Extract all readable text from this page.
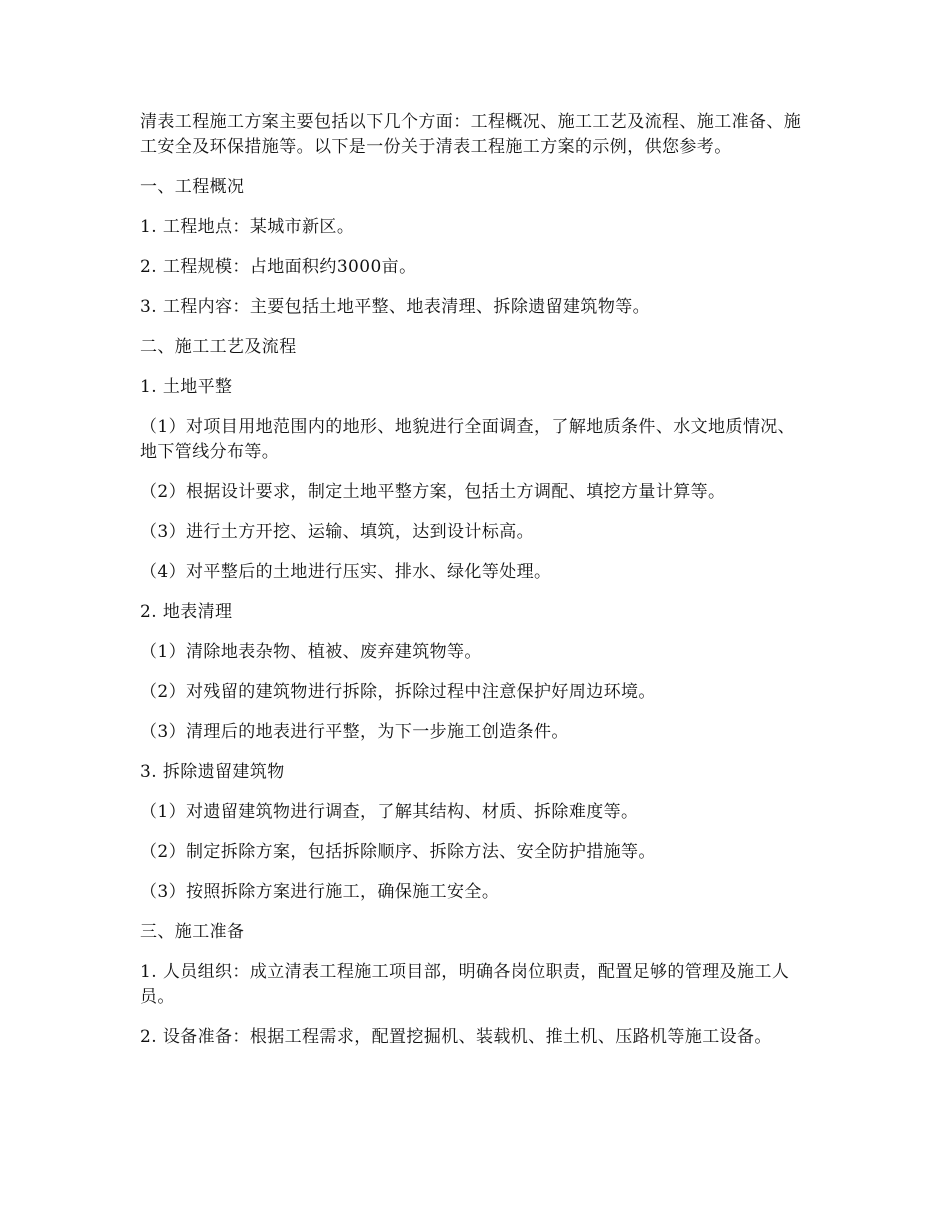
清表工程施工方案主要包括以下几个方面：工程概况、施工工艺及流程、施工准备、施工安全及环保措施等。以下是一份关于清表工程施工方案的示例，供您参考。

一、工程概况

1. 工程地点：某城市新区。

2. 工程规模：占地面积约3000亩。

3. 工程内容：主要包括土地平整、地表清理、拆除遗留建筑物等。

二、施工工艺及流程

1. 土地平整

（1）对项目用地范围内的地形、地貌进行全面调查，了解地质条件、水文地质情况、地下管线分布等。

（2）根据设计要求，制定土地平整方案，包括土方调配、填挖方量计算等。

（3）进行土方开挖、运输、填筑，达到设计标高。

（4）对平整后的土地进行压实、排水、绿化等处理。

2. 地表清理

（1）清除地表杂物、植被、废弃建筑物等。

（2）对残留的建筑物进行拆除，拆除过程中注意保护好周边环境。

（3）清理后的地表进行平整，为下一步施工创造条件。

3. 拆除遗留建筑物

（1）对遗留建筑物进行调查，了解其结构、材质、拆除难度等。

（2）制定拆除方案，包括拆除顺序、拆除方法、安全防护措施等。

（3）按照拆除方案进行施工，确保施工安全。

三、施工准备

1. 人员组织：成立清表工程施工项目部，明确各岗位职责，配置足够的管理及施工人员。

2. 设备准备：根据工程需求，配置挖掘机、装载机、推土机、压路机等施工设备。
